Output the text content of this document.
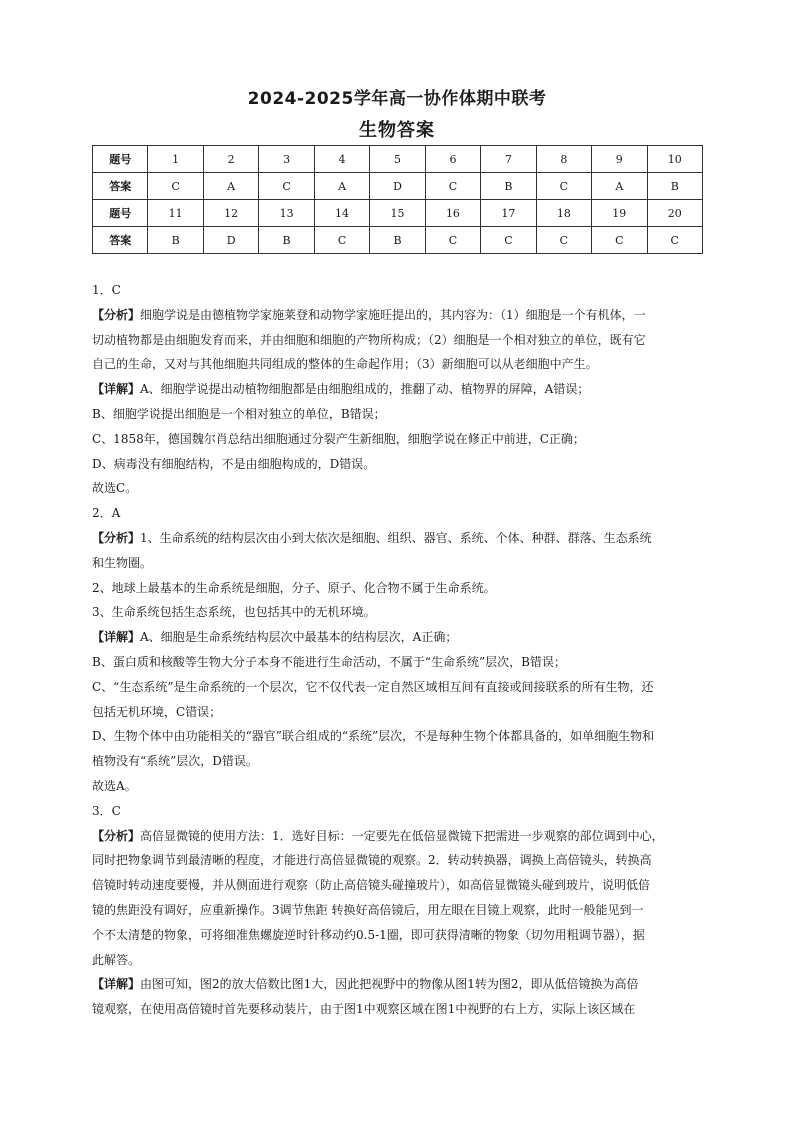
2024-2025学年高一协作体期中联考
生物答案
题号	1	2	3	4	5	6	7	8	9	10
答案	C	A	C	A	D	C	B	C	A	B
题号	11	12	13	14	15	16	17	18	19	20
答案	B	D	B	C	B	C	C	C	C	C

1．C

【分析】细胞学说是由德植物学家施莱登和动物学家施旺提出的，其内容为：（1）细胞是一个有机体，一

切动植物都是由细胞发育而来，并由细胞和细胞的产物所构成；（2）细胞是一个相对独立的单位，既有它

自己的生命，又对与其他细胞共同组成的整体的生命起作用；（3）新细胞可以从老细胞中产生。

【详解】A、细胞学说提出动植物细胞都是由细胞组成的，推翻了动、植物界的屏障，A错误；

B、细胞学说提出细胞是一个相对独立的单位，B错误；

C、1858年，德国魏尔肖总结出细胞通过分裂产生新细胞，细胞学说在修正中前进，C正确；

D、病毒没有细胞结构，不是由细胞构成的，D错误。

故选C。

2．A

【分析】1、生命系统的结构层次由小到大依次是细胞、组织、器官、系统、个体、种群、群落、生态系统

和生物圈。

2、地球上最基本的生命系统是细胞，分子、原子、化合物不属于生命系统。

3、生命系统包括生态系统，也包括其中的无机环境。

【详解】A、细胞是生命系统结构层次中最基本的结构层次，A正确；

B、蛋白质和核酸等生物大分子本身不能进行生命活动，不属于“生命系统”层次，B错误；

C、“生态系统”是生命系统的一个层次，它不仅代表一定自然区域相互间有直接或间接联系的所有生物，还

包括无机环境，C错误；

D、生物个体中由功能相关的“器官”联合组成的“系统”层次，不是每种生物个体都具备的，如单细胞生物和

植物没有“系统”层次，D错误。

故选A。

3．C

【分析】高倍显微镜的使用方法：1．选好目标：一定要先在低倍显微镜下把需进一步观察的部位调到中心，

同时把物象调节到最清晰的程度，才能进行高倍显微镜的观察。2．转动转换器，调换上高倍镜头，转换高

倍镜时转动速度要慢，并从侧面进行观察（防止高倍镜头碰撞玻片），如高倍显微镜头碰到玻片，说明低倍

镜的焦距没有调好，应重新操作。3调节焦距 转换好高倍镜后，用左眼在目镜上观察，此时一般能见到一

个不太清楚的物象，可将细准焦螺旋逆时针移动约0.5-1圈，即可获得清晰的物象（切勿用粗调节器），据

此解答。

【详解】由图可知，图2的放大倍数比图1大，因此把视野中的物像从图1转为图2，即从低倍镜换为高倍

镜观察，在使用高倍镜时首先要移动装片，由于图1中观察区域在图1中视野的右上方，实际上该区域在
